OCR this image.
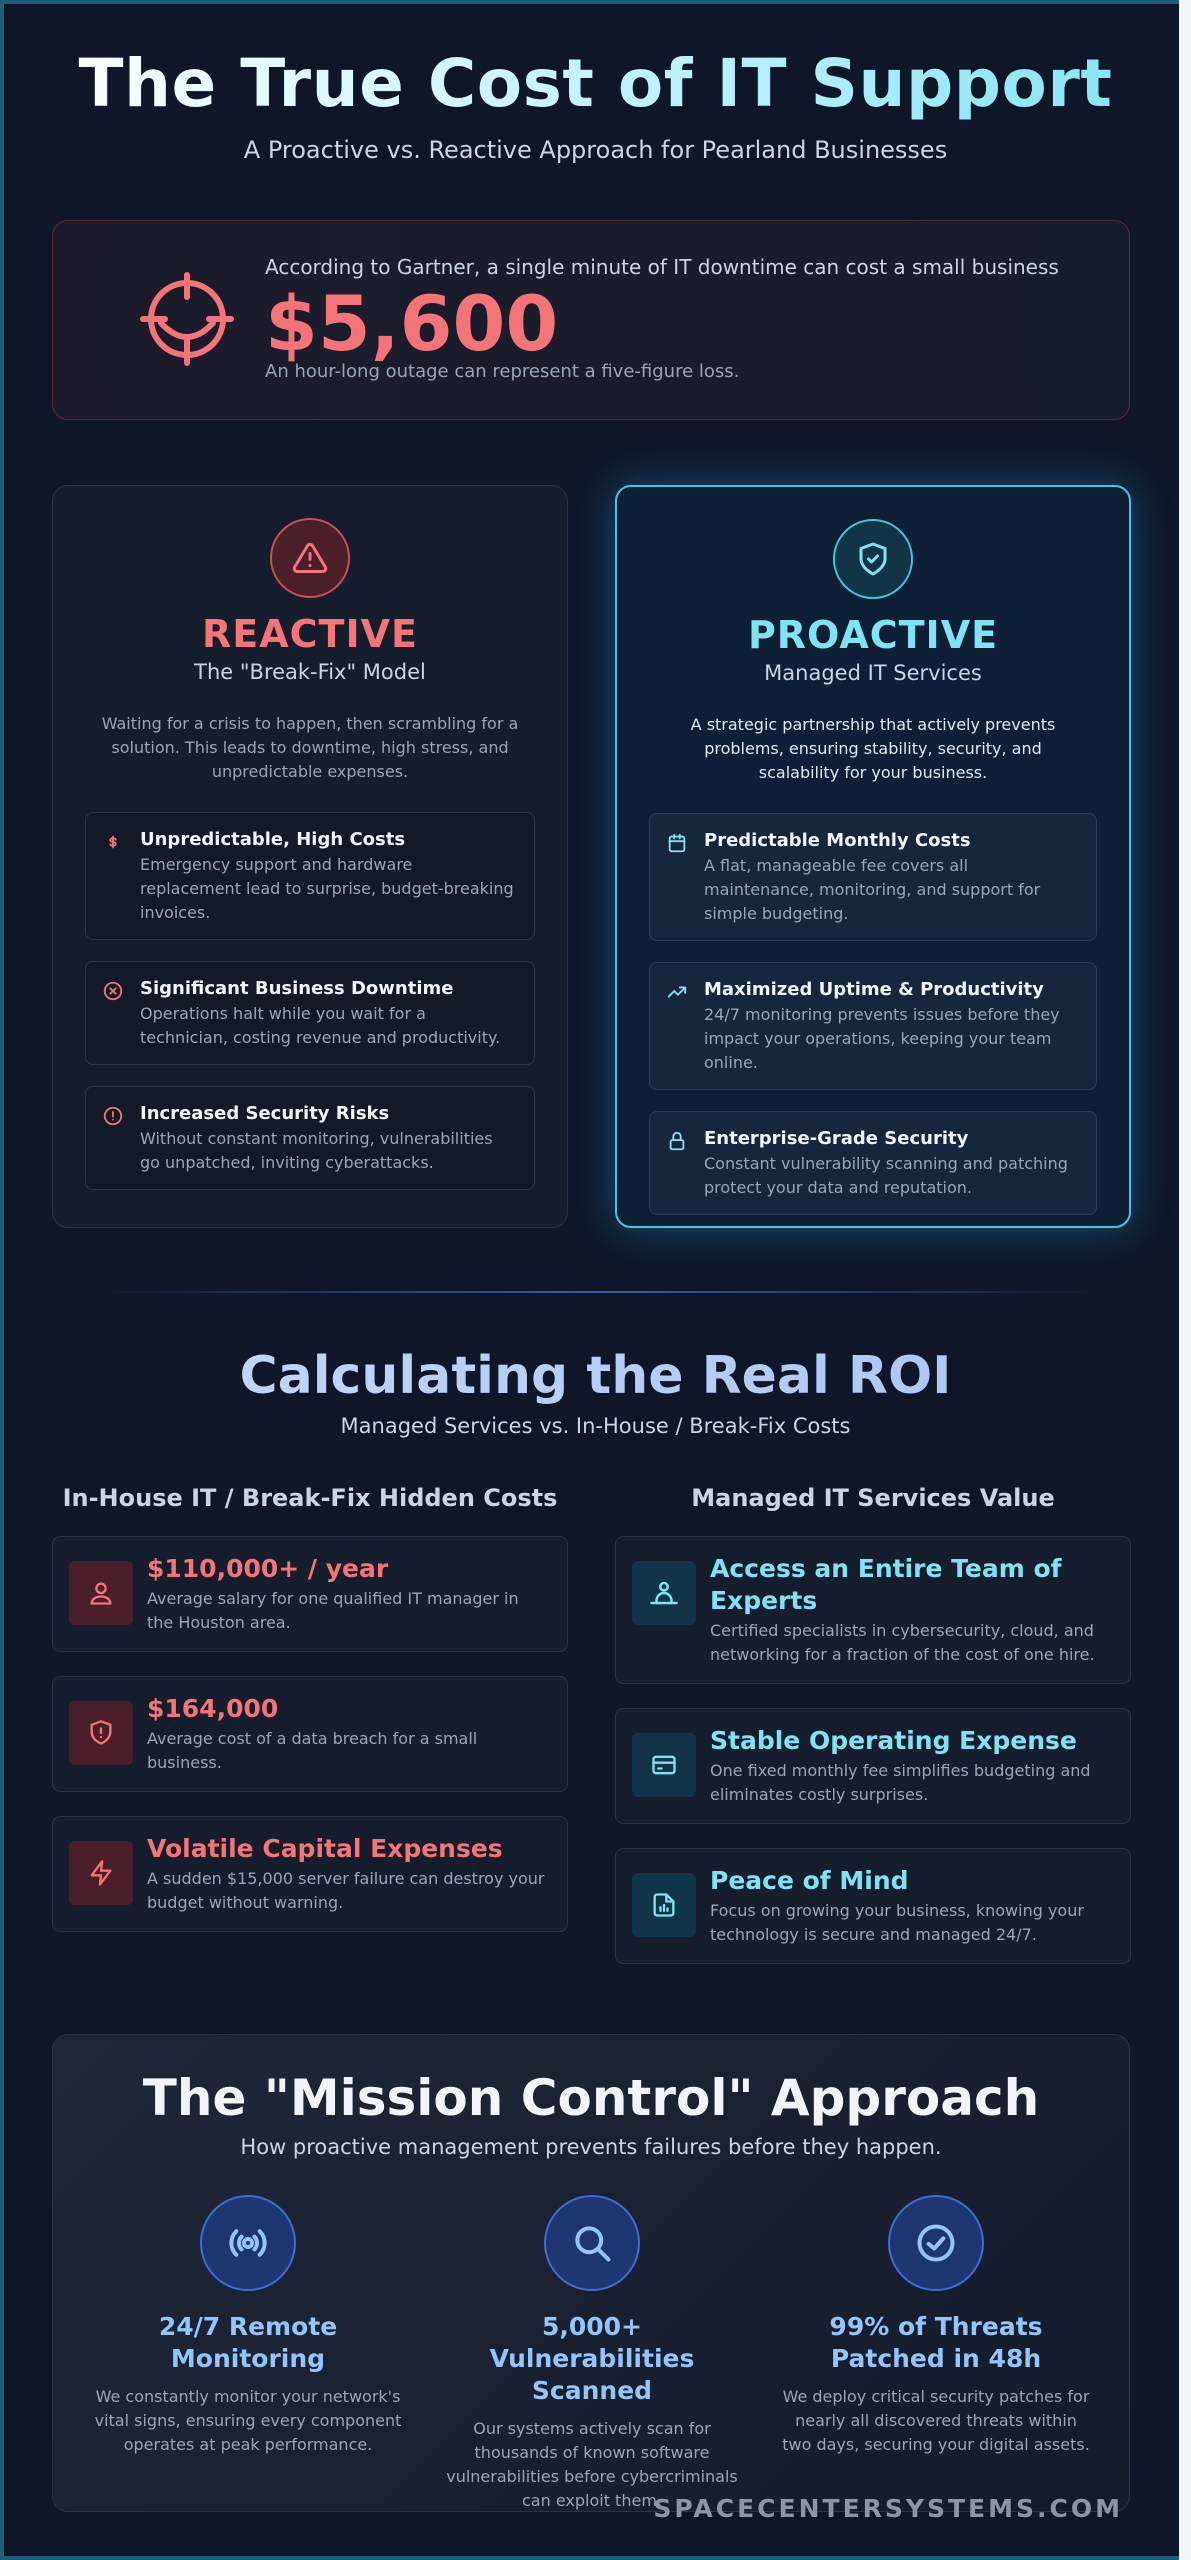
The True Cost of IT Support

A Proactive vs. Reactive Approach for Pearland Businesses

According to Gartner, a single minute of IT downtime can cost a small business
$5,600
An hour-long outage can represent a five-figure loss.
REACTIVE
The "Break-Fix" Model
Waiting for a crisis to happen, then scrambling for a solution. This leads to downtime, high stress, and unpredictable expenses.
Unpredictable, High Costs
Emergency support and hardware replacement lead to surprise, budget-breaking invoices.
Significant Business Downtime
Operations halt while you wait for a technician, costing revenue and productivity.
Increased Security Risks
Without constant monitoring, vulnerabilities go unpatched, inviting cyberattacks.
PROACTIVE
Managed IT Services
A strategic partnership that actively prevents problems, ensuring stability, security, and scalability for your business.
Predictable Monthly Costs
A flat, manageable fee covers all maintenance, monitoring, and support for simple budgeting.
Maximized Uptime & Productivity
24/7 monitoring prevents issues before they impact your operations, keeping your team online.
Enterprise-Grade Security
Constant vulnerability scanning and patching protect your data and reputation.
Calculating the Real ROI

Managed Services vs. In-House / Break-Fix Costs

In-House IT / Break-Fix Hidden Costs
$110,000+ / year
Average salary for one qualified IT manager in the Houston area.
$164,000
Average cost of a data breach for a small business.
Volatile Capital Expenses
A sudden $15,000 server failure can destroy your budget without warning.
Managed IT Services Value
Access an Entire Team of Experts
Certified specialists in cybersecurity, cloud, and networking for a fraction of the cost of one hire.
Stable Operating Expense
One fixed monthly fee simplifies budgeting and eliminates costly surprises.
Peace of Mind
Focus on growing your business, knowing your technology is secure and managed 24/7.
The "Mission Control" Approach
How proactive management prevents failures before they happen.
24/7 Remote Monitoring

We constantly monitor your network's vital signs, ensuring every component operates at peak performance.

5,000+ Vulnerabilities Scanned

Our systems actively scan for thousands of known software vulnerabilities before cybercriminals can exploit them.

99% of Threats Patched in 48h

We deploy critical security patches for nearly all discovered threats within two days, securing your digital assets.

SPACECENTERSYSTEMS.COM
